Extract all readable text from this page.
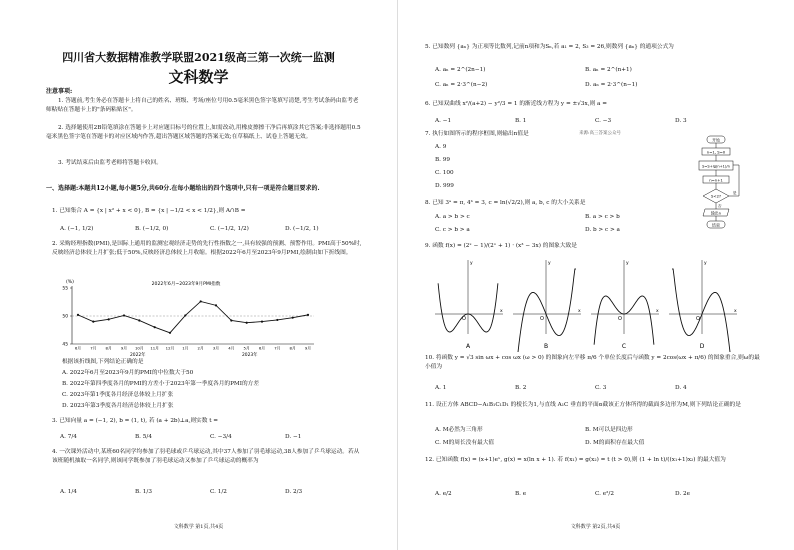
四川省大数据精准教学联盟2021级高三第一次统一监测

文科数学

注意事项:

1. 答题前,考生务必在答题卡上将自己的姓名、班级、考场/座位号用0.5毫米黑色签字笔填写清楚,考生考试条码由监考老师粘贴在答题卡上的"条码粘贴区"。

2. 选择题使用2B铅笔填涂在答题卡上对应题目标号的位置上,如需改动,用橡皮擦擦干净后再填涂其它答案;非选择题用0.5毫米黑色签字笔在答题卡的对应区域内作答,超出答题区域答题的答案无效;在草稿纸上、试卷上答题无效。

3. 考试结束后由监考老师将答题卡收回。

一、选择题:本题共12小题,每小题5分,共60分.在每小题给出的四个选项中,只有一项是符合题目要求的.

1. 已知集合 A = {x | x² + x < 0}, B = {x | −1/2 < x < 1/2},则 A∩B =

A. (−1, 1/2)	B. (−1/2, 0)	C. (−1/2, 1/2)	D. (−1/2, 1)

2. 采购经理指数(PMI),是国际上通用的监测宏观经济走势的先行性指数之一,具有较强的预测、预警作用。PMI高于50%时,反映经济总体较上月扩张;低于50%,反映经济总体较上月收缩。根据2022年6月至2023年9月PMI,绘制由如下折线图。

2022年6月~2023年9月PMI指数
(%)
55
50
45
6月 7月 8月 9月 10月 11月 12月 1月 2月 3月 4月 5月 6月 7月 8月 9月
2022年	2023年

根据该折线图,下列结论正确的是

A. 2022年6月至2023年9月的PMI的中位数大于50

B. 2022年第四季度各月的PMI的方差小于2023年第一季度各月的PMI的方差

C. 2023年第1季度各月经济总体较上月扩张

D. 2023年第3季度各月经济总体较上月扩张

3. 已知向量 a = (−1, 2), b = (1, t), 若 (a + 2b)⊥a,则实数 t =

A. 7/4	B. 5/4	C. −3/4	D. −1

4. 一次课外活动中,某班60名同学均参加了羽毛球或乒乓球运动,其中37人参加了羽毛球运动,38人参加了乒乓球运动。若从该班随机抽取一名同学,则该同学既参加了羽毛球运动又参加了乒乓球运动的概率为

A. 1/4	B. 1/3	C. 1/2	D. 2/3

文科数学 第1页,共4页

5. 已知数列 {aₙ} 为正项等比数列,记前n项和为Sₙ,若 a₁ = 2, S₃ = 26,则数列 {aₙ} 的通项公式为

A. aₙ = 2^(2n−1)	B. aₙ = 2^(n+1)
C. aₙ = 2·3^(n−2)	D. aₙ = 2·3^(n−1)

6. 已知双曲线 x²/(a+2) − y²/3 = 1 的渐近线方程为 y = ±√3x,则 a =

A. −1	B. 1	C. −3	D. 3

7. 执行如图所示的程序框图,则输出n值是	来源:高三答案公众号

A. 9

B. 99

C. 100

D. 999

开始
n=1, S=0
S=S+lg(n+1)/n
n=n+1
S<2?
是
否
输出n
结束

8. 已知 3ᵃ = π, 4ᵇ = 3, c = ln(√2/2),则 a, b, c 的大小关系是

A. a > b > c	B. a > c > b
C. c > b > a	D. b > c > a

9. 函数 f(x) = (2ˣ − 1)/(2ˣ + 1) · (x³ − 3x) 的图象大致是

O
x
y
A
O
x
y
B
O
x
y
C
O
x
y
D

10. 将函数 y = √3 sin ωx + cos ωx (ω > 0) 的图象向左平移 π/6 个单位长度后与函数 y = 2cos(ωx + π/6) 的图象重合,则ω的最小值为

A. 1	B. 2	C. 3	D. 4

11. 设正方体 ABCD−A₁B₁C₁D₁ 的棱长为1,与直线 A₁C 垂直的平面α截该正方体所得的截面多边形为M,则下列结论正确的是

A. M必然为三角形	B. M可以是四边形
C. M的周长没有最大值	D. M的面积存在最大值

12. 已知函数 f(x) = (x+1)eˣ, g(x) = x(ln x + 1). 若 f(x₁) = g(x₂) = t (t > 0),则 (1 + ln t)/((x₁+1)x₂) 的最大值为

A. e/2	B. e	C. e²/2	D. 2e

文科数学 第2页,共4页
